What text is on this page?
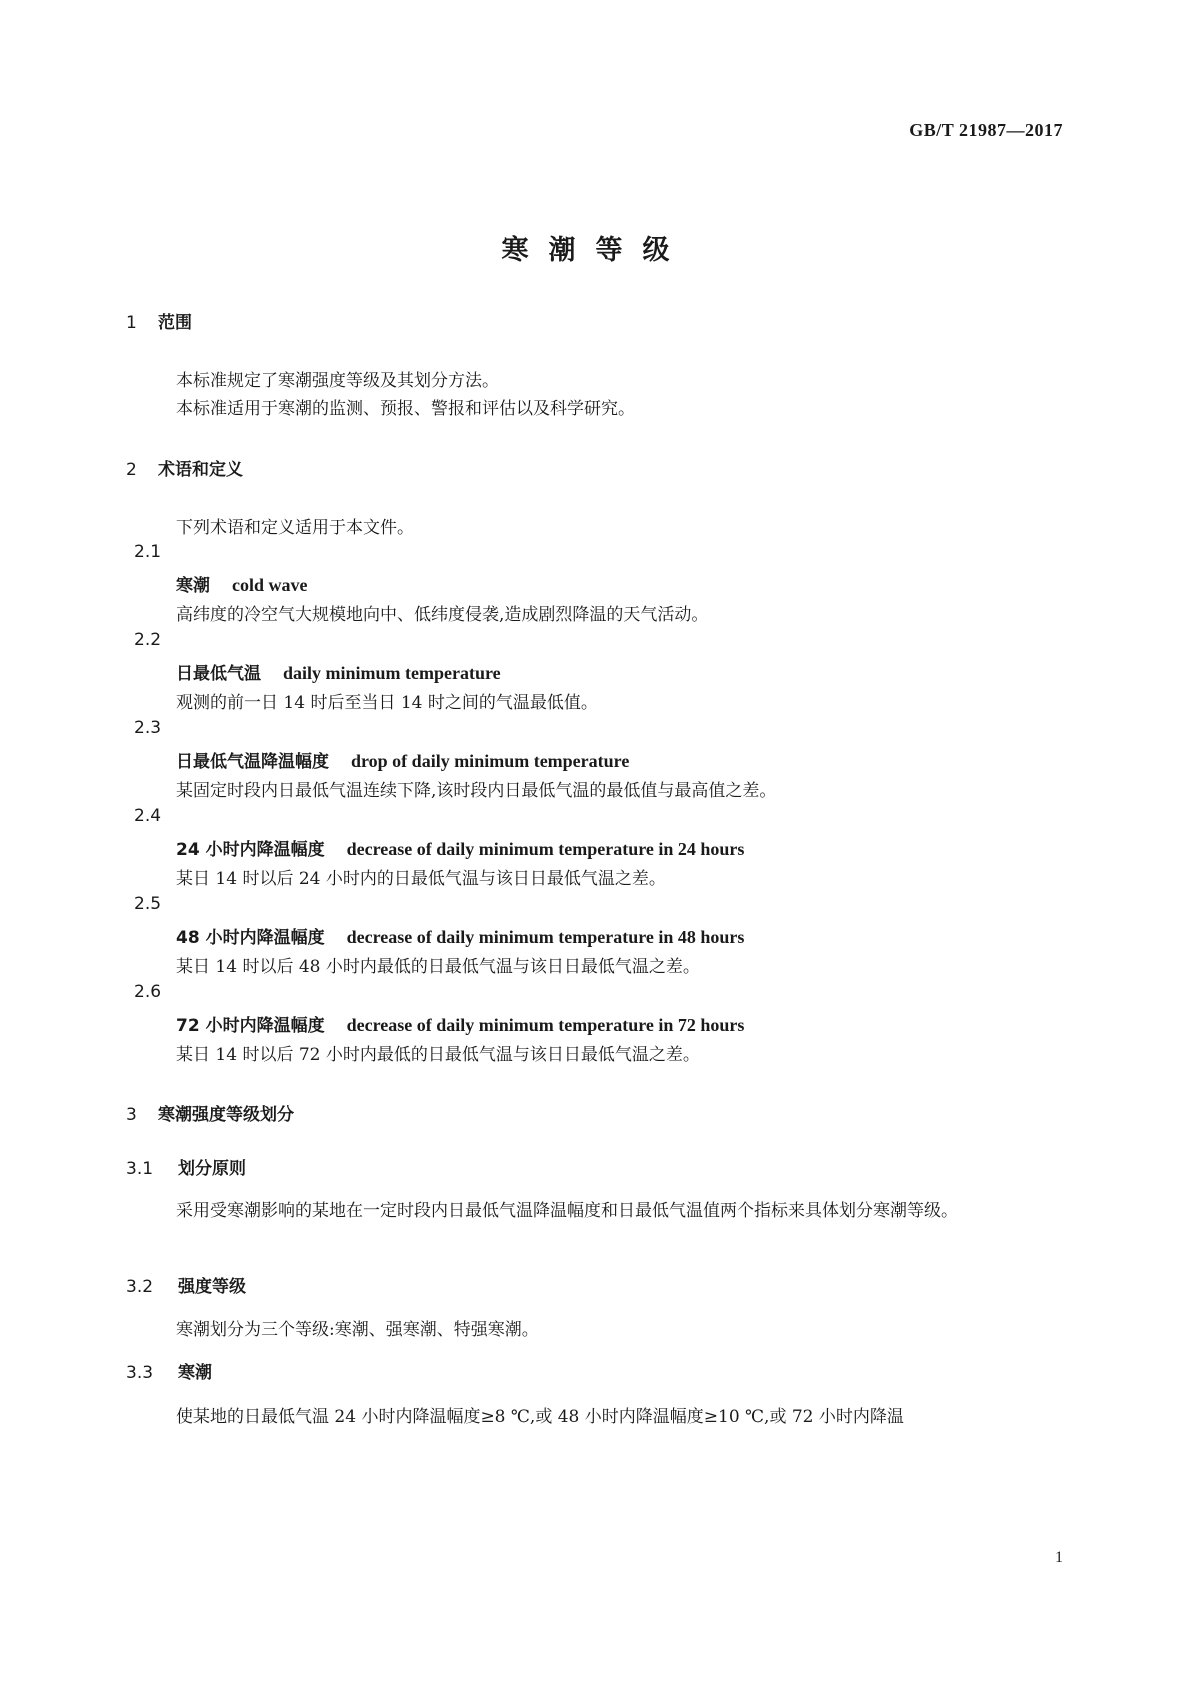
GB/T 21987—2017
寒潮等级
1 范围
本标准规定了寒潮强度等级及其划分方法。
本标准适用于寒潮的监测、预报、警报和评估以及科学研究。
2 术语和定义
下列术语和定义适用于本文件。
2.1
寒潮 cold wave
高纬度的冷空气大规模地向中、低纬度侵袭,造成剧烈降温的天气活动。
2.2
日最低气温 daily minimum temperature
观测的前一日 14 时后至当日 14 时之间的气温最低值。
2.3
日最低气温降温幅度 drop of daily minimum temperature
某固定时段内日最低气温连续下降,该时段内日最低气温的最低值与最高值之差。
2.4
24 小时内降温幅度 decrease of daily minimum temperature in 24 hours
某日 14 时以后 24 小时内的日最低气温与该日日最低气温之差。
2.5
48 小时内降温幅度 decrease of daily minimum temperature in 48 hours
某日 14 时以后 48 小时内最低的日最低气温与该日日最低气温之差。
2.6
72 小时内降温幅度 decrease of daily minimum temperature in 72 hours
某日 14 时以后 72 小时内最低的日最低气温与该日日最低气温之差。
3 寒潮强度等级划分
3.1 划分原则
采用受寒潮影响的某地在一定时段内日最低气温降温幅度和日最低气温值两个指标来具体划分寒潮等级。
3.2 强度等级
寒潮划分为三个等级:寒潮、强寒潮、特强寒潮。
3.3 寒潮
使某地的日最低气温 24 小时内降温幅度≥8 ℃,或 48 小时内降温幅度≥10 ℃,或 72 小时内降温
1
